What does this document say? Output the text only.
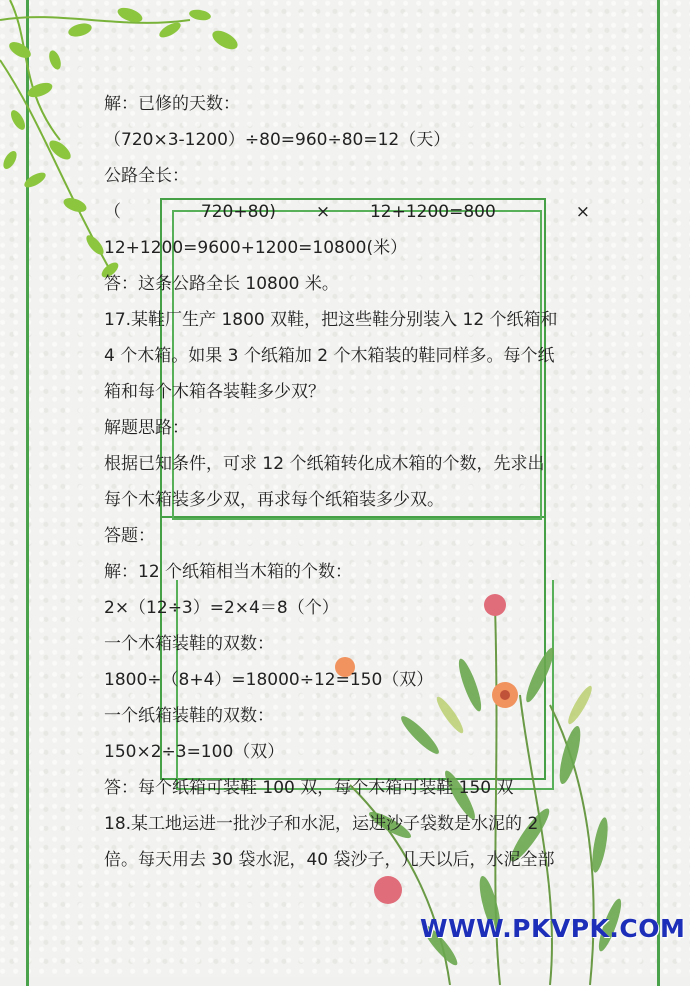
解：已修的天数：
（720×3-1200）÷80=960÷80=12（天）
公路全长：
（	720+80) × 12+1200=800	×
12+1200=9600+1200=10800(米）
答：这条公路全长 10800 米。
17.某鞋厂生产 1800 双鞋，把这些鞋分别装入 12 个纸箱和
4 个木箱。如果 3 个纸箱加 2 个木箱装的鞋同样多。每个纸
箱和每个木箱各装鞋多少双？
解题思路：
根据已知条件，可求 12 个纸箱转化成木箱的个数，先求出
每个木箱装多少双，再求每个纸箱装多少双。
答题：
解：12 个纸箱相当木箱的个数：
2×（12÷3）=2×4＝8（个）
一个木箱装鞋的双数：
1800÷（8+4）=18000÷12=150（双）
一个纸箱装鞋的双数：
150×2÷3=100（双）
答：每个纸箱可装鞋 100 双，每个木箱可装鞋 150 双
18.某工地运进一批沙子和水泥，运进沙子袋数是水泥的 2
倍。每天用去 30 袋水泥，40 袋沙子，几天以后，水泥全部
WWW.PKVPK.COM
